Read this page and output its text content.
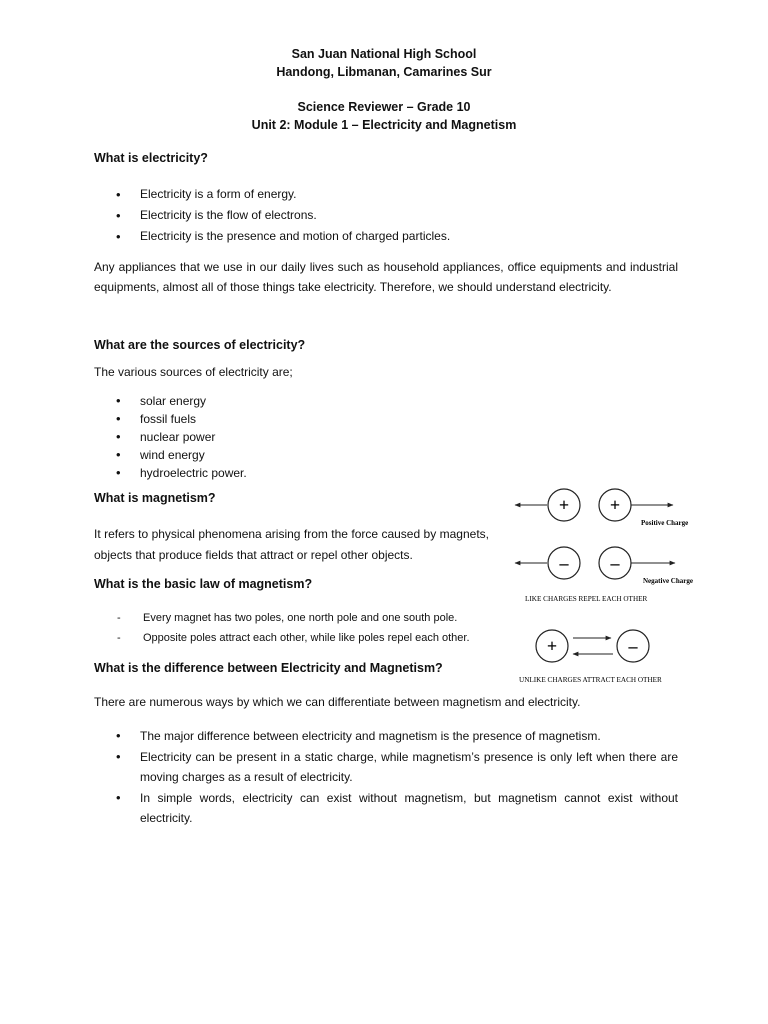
San Juan National High School
Handong, Libmanan, Camarines Sur
Science Reviewer – Grade 10
Unit 2: Module 1 – Electricity and Magnetism
What is electricity?
• Electricity is a form of energy.
• Electricity is the flow of electrons.
• Electricity is the presence and motion of charged particles.
Any appliances that we use in our daily lives such as household appliances, office equipments and industrial equipments, almost all of those things take electricity. Therefore, we should understand electricity.
What are the sources of electricity?
The various sources of electricity are;
• solar energy
• fossil fuels
• nuclear power
• wind energy
• hydroelectric power.
What is magnetism?
It refers to physical phenomena arising from the force caused by magnets, objects that produce fields that attract or repel other objects.
What is the basic law of magnetism?
- Every magnet has two poles, one north pole and one south pole.
- Opposite poles attract each other, while like poles repel each other.
+ +
Positive Charge
– –
Negative Charge
LIKE CHARGES REPEL EACH OTHER
+	–
UNLIKE CHARGES ATTRACT EACH OTHER
What is the difference between Electricity and Magnetism?
There are numerous ways by which we can differentiate between magnetism and electricity.
• The major difference between electricity and magnetism is the presence of magnetism.
• Electricity can be present in a static charge, while magnetism’s presence is only left when there are moving charges as a result of electricity.
• In simple words, electricity can exist without magnetism, but magnetism cannot exist without electricity.
